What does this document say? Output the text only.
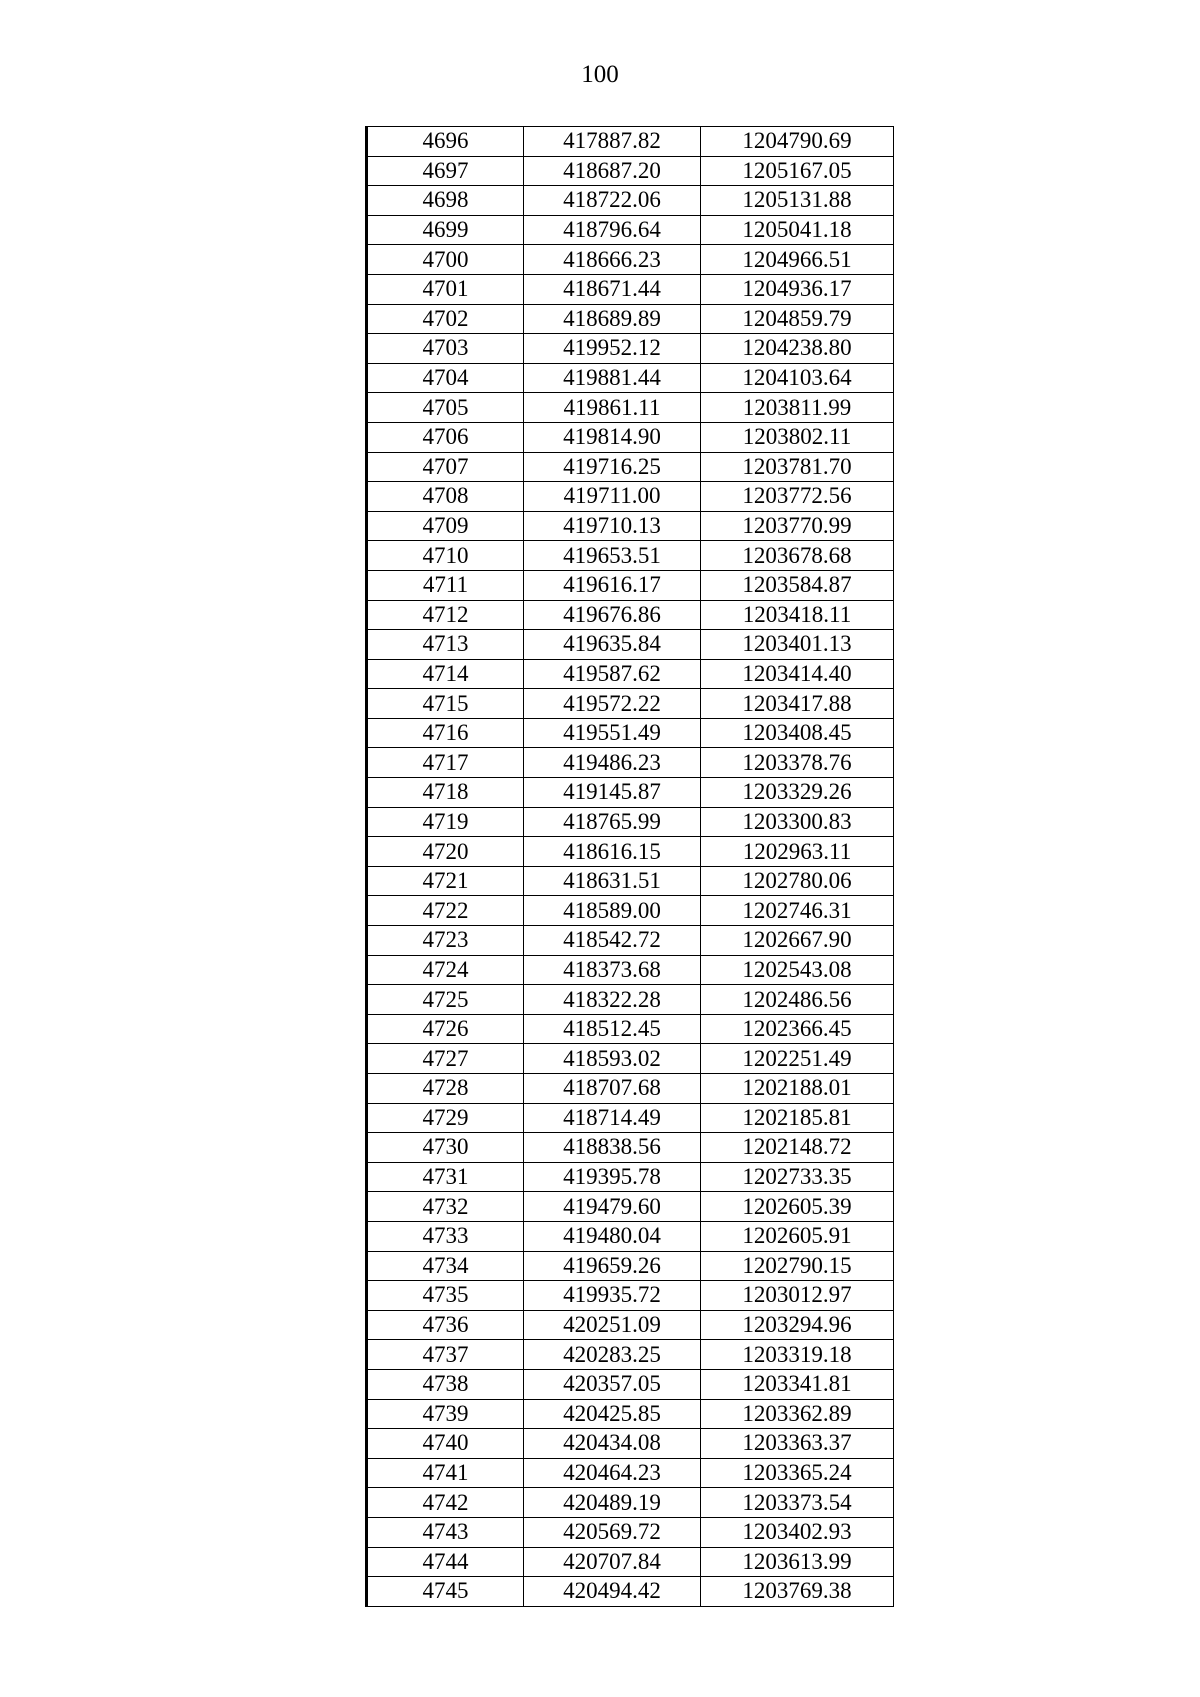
100
4696	417887.82	1204790.69
4697	418687.20	1205167.05
4698	418722.06	1205131.88
4699	418796.64	1205041.18
4700	418666.23	1204966.51
4701	418671.44	1204936.17
4702	418689.89	1204859.79
4703	419952.12	1204238.80
4704	419881.44	1204103.64
4705	419861.11	1203811.99
4706	419814.90	1203802.11
4707	419716.25	1203781.70
4708	419711.00	1203772.56
4709	419710.13	1203770.99
4710	419653.51	1203678.68
4711	419616.17	1203584.87
4712	419676.86	1203418.11
4713	419635.84	1203401.13
4714	419587.62	1203414.40
4715	419572.22	1203417.88
4716	419551.49	1203408.45
4717	419486.23	1203378.76
4718	419145.87	1203329.26
4719	418765.99	1203300.83
4720	418616.15	1202963.11
4721	418631.51	1202780.06
4722	418589.00	1202746.31
4723	418542.72	1202667.90
4724	418373.68	1202543.08
4725	418322.28	1202486.56
4726	418512.45	1202366.45
4727	418593.02	1202251.49
4728	418707.68	1202188.01
4729	418714.49	1202185.81
4730	418838.56	1202148.72
4731	419395.78	1202733.35
4732	419479.60	1202605.39
4733	419480.04	1202605.91
4734	419659.26	1202790.15
4735	419935.72	1203012.97
4736	420251.09	1203294.96
4737	420283.25	1203319.18
4738	420357.05	1203341.81
4739	420425.85	1203362.89
4740	420434.08	1203363.37
4741	420464.23	1203365.24
4742	420489.19	1203373.54
4743	420569.72	1203402.93
4744	420707.84	1203613.99
4745	420494.42	1203769.38
